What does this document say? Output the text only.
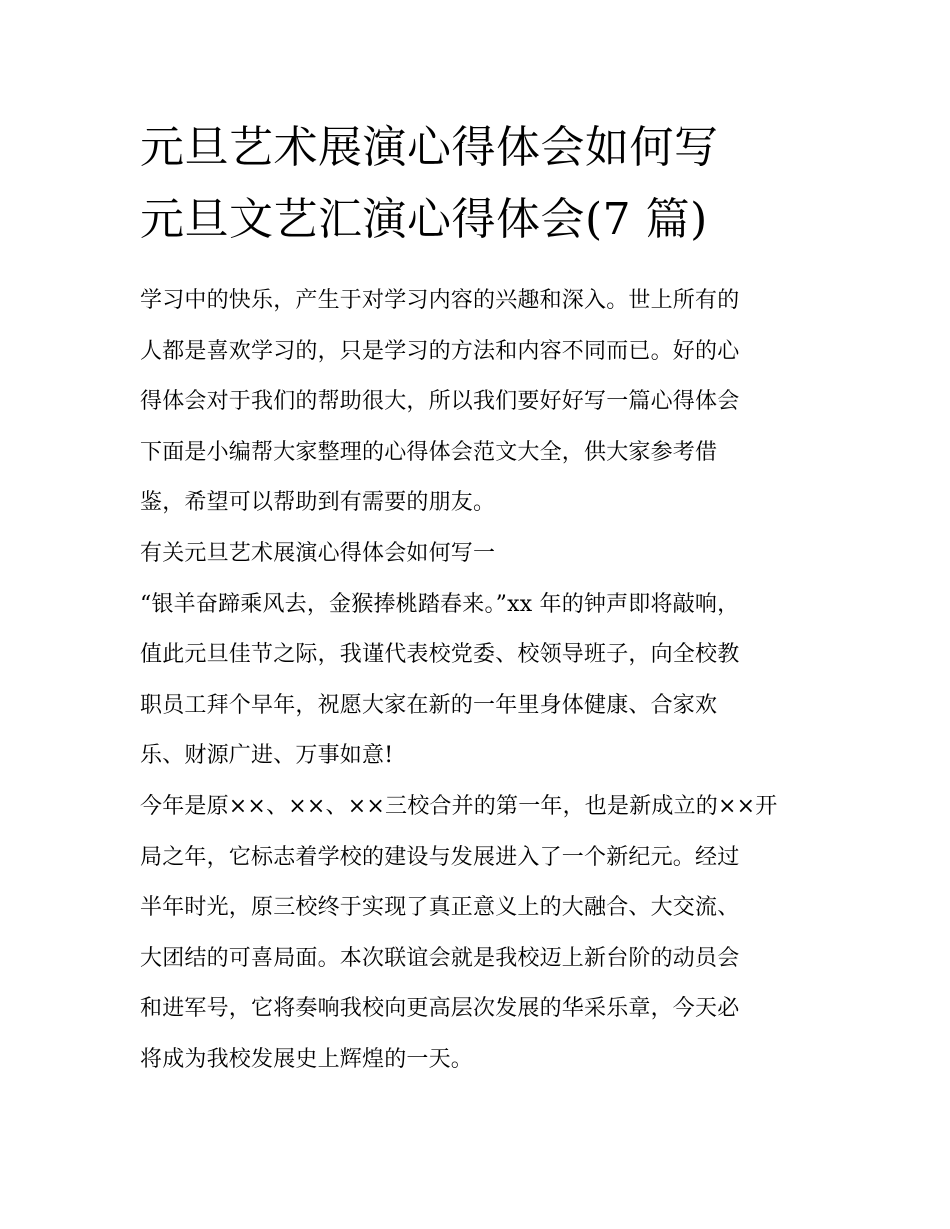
元旦艺术展演心得体会如何写
元旦文艺汇演心得体会(7 篇)
学习中的快乐，产生于对学习内容的兴趣和深入。世上所有的
人都是喜欢学习的，只是学习的方法和内容不同而已。好的心
得体会对于我们的帮助很大，所以我们要好好写一篇心得体会
下面是小编帮大家整理的心得体会范文大全，供大家参考借
鉴，希望可以帮助到有需要的朋友。
有关元旦艺术展演心得体会如何写一
“银羊奋蹄乘风去，金猴捧桃踏春来。”xx 年的钟声即将敲响，
值此元旦佳节之际，我谨代表校党委、校领导班子，向全校教
职员工拜个早年，祝愿大家在新的一年里身体健康、合家欢
乐、财源广进、万事如意!
今年是原××、××、××三校合并的第一年，也是新成立的××开
局之年，它标志着学校的建设与发展进入了一个新纪元。经过
半年时光，原三校终于实现了真正意义上的大融合、大交流、
大团结的可喜局面。本次联谊会就是我校迈上新台阶的动员会
和进军号，它将奏响我校向更高层次发展的华采乐章，今天必
将成为我校发展史上辉煌的一天。
